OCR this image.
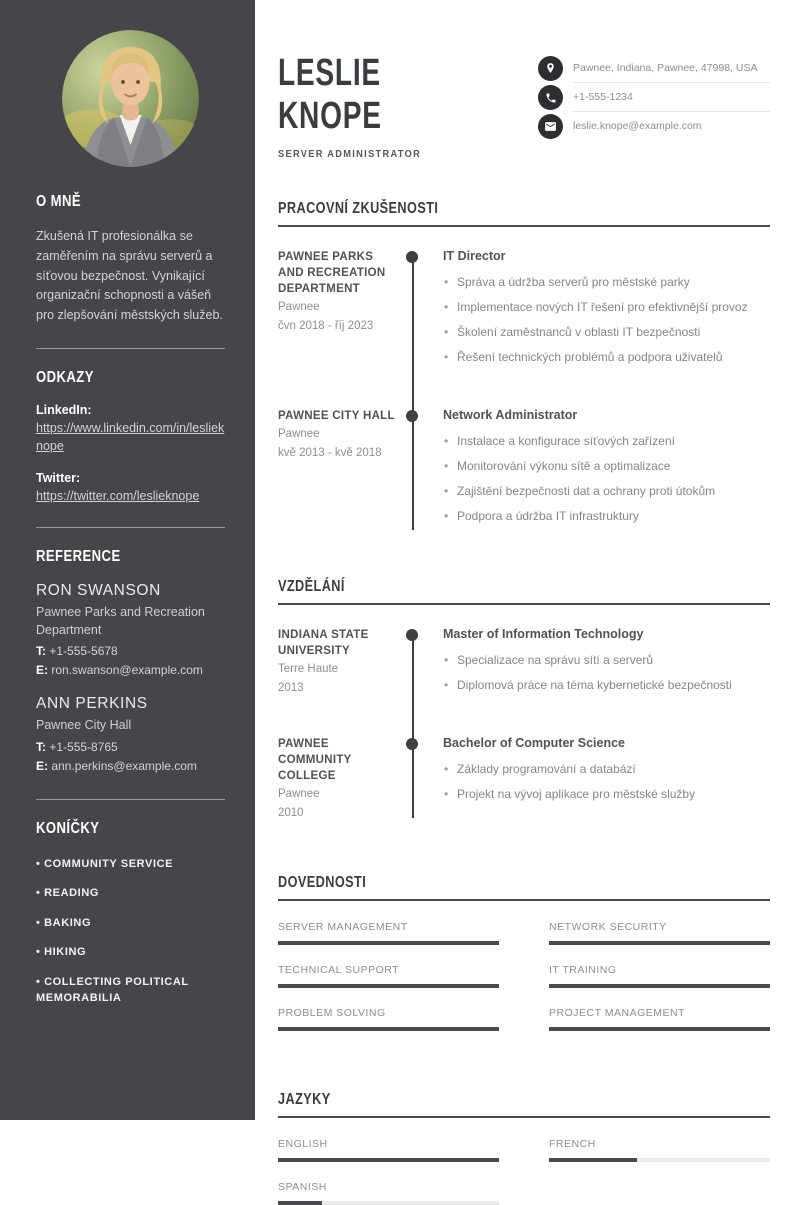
O MNĚ

Zkušená IT profesionálka se zaměřením na správu serverů a síťovou bezpečnost. Vynikající organizační schopnosti a vášeň pro zlepšování městských služeb.

ODKAZY
LinkedIn:
https://www.linkedin.com/in/leslieknope
Twitter:
https://twitter.com/leslieknope
REFERENCE
RON SWANSON
Pawnee Parks and Recreation Department
T: +1-555-5678
E: ron.swanson@example.com
ANN PERKINS
Pawnee City Hall
T: +1-555-8765
E: ann.perkins@example.com
KONÍČKY
• COMMUNITY SERVICE
• READING
• BAKING
• HIKING
• COLLECTING POLITICAL MEMORABILIA
LESLIE
KNOPE
SERVER ADMINISTRATOR
Pawnee, Indiana, Pawnee, 47998, USA
+1-555-1234
leslie.knope@example.com
PRACOVNÍ ZKUŠENOSTI
PAWNEE PARKS AND RECREATION DEPARTMENT
Pawnee
čvn 2018 - říj 2023
IT Director
• Správa a údržba serverů pro městské parky
• Implementace nových IT řešení pro efektivnější provoz
• Školení zaměstnanců v oblasti IT bezpečnosti
• Řešení technických problémů a podpora uživatelů
PAWNEE CITY HALL
Pawnee
kvě 2013 - kvě 2018
Network Administrator
• Instalace a konfigurace síťových zařízení
• Monitorování výkonu sítě a optimalizace
• Zajištění bezpečnosti dat a ochrany proti útokům
• Podpora a údržba IT infrastruktury
VZDĚLÁNÍ
INDIANA STATE UNIVERSITY
Terre Haute
2013
Master of Information Technology
• Specializace na správu sítí a serverů
• Diplomová práce na téma kybernetické bezpečnosti
PAWNEE COMMUNITY COLLEGE
Pawnee
2010
Bachelor of Computer Science
• Základy programování a databází
• Projekt na vývoj aplikace pro městské služby
DOVEDNOSTI
SERVER MANAGEMENT	NETWORK SECURITY
TECHNICAL SUPPORT	IT TRAINING
PROBLEM SOLVING	PROJECT MANAGEMENT
JAZYKY
ENGLISH	FRENCH
SPANISH
